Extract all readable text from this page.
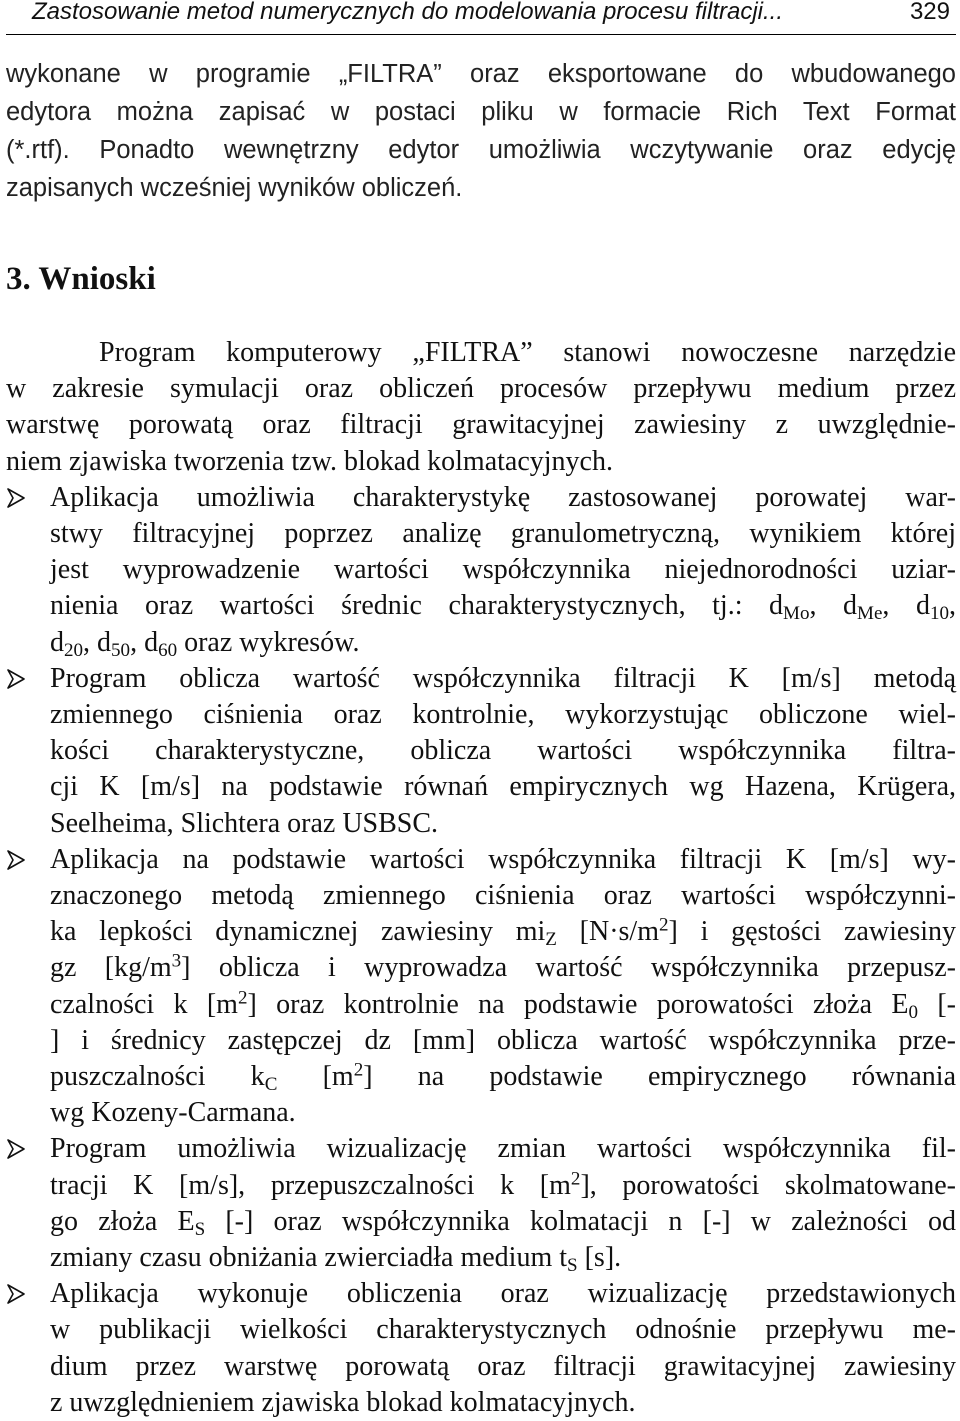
Zastosowanie metod numerycznych do modelowania procesu filtracji...	329
wykonane w programie „FILTRA” oraz eksportowane do wbudowanego
edytora można zapisać w postaci pliku w formacie Rich Text Format
(*.rtf). Ponadto wewnętrzny edytor umożliwia wczytywanie oraz edycję
zapisanych wcześniej wyników obliczeń.
3. Wnioski
Program komputerowy „FILTRA” stanowi nowoczesne narzędzie
w zakresie symulacji oraz obliczeń procesów przepływu medium przez
warstwę porowatą oraz filtracji grawitacyjnej zawiesiny z uwzględnie-
niem zjawiska tworzenia tzw. blokad kolmatacyjnych.
Aplikacja umożliwia charakterystykę zastosowanej porowatej war-
stwy filtracyjnej poprzez analizę granulometryczną, wynikiem której
jest wyprowadzenie wartości współczynnika niejednorodności uziar-
nienia oraz wartości średnic charakterystycznych, tj.: $d_{Mo}$, $d_{Me}$, $d_{10}$,
$d_{20}$, $d_{50}$, $d_{60}$ oraz wykresów.
Program oblicza wartość współczynnika filtracji K [m/s] metodą
zmiennego ciśnienia oraz kontrolnie, wykorzystując obliczone wiel-
kości charakterystyczne, oblicza wartości współczynnika filtra-
cji K [m/s] na podstawie równań empirycznych wg Hazena, Krügera,
Seelheima, Slichtera oraz USBSC.
Aplikacja na podstawie wartości współczynnika filtracji K [m/s] wy-
znaczonego metodą zmiennego ciśnienia oraz wartości współczynni-
ka lepkości dynamicznej zawiesiny $mi_Z$ $[N\cdot s/m^2]$ i gęstości zawiesiny
gz $[kg/m^3]$ oblicza i wyprowadza wartość współczynnika przepusz-
czalności k $[m^2]$ oraz kontrolnie na podstawie porowatości złoża $E_0$ [-
] i średnicy zastępczej dz [mm] oblicza wartość współczynnika prze-
puszczalności $k_C$ $[m^2]$ na podstawie empirycznego równania
wg Kozeny-Carmana.
Program umożliwia wizualizację zmian wartości współczynnika fil-
tracji K [m/s], przepuszczalności k $[m^2]$, porowatości skolmatowane-
go złoża $E_S$ [-] oraz współczynnika kolmatacji n [-] w zależności od
zmiany czasu obniżania zwierciadła medium $t_S$ [s].
Aplikacja wykonuje obliczenia oraz wizualizację przedstawionych
w publikacji wielkości charakterystycznych odnośnie przepływu me-
dium przez warstwę porowatą oraz filtracji grawitacyjnej zawiesiny
z uwzględnieniem zjawiska blokad kolmatacyjnych.
